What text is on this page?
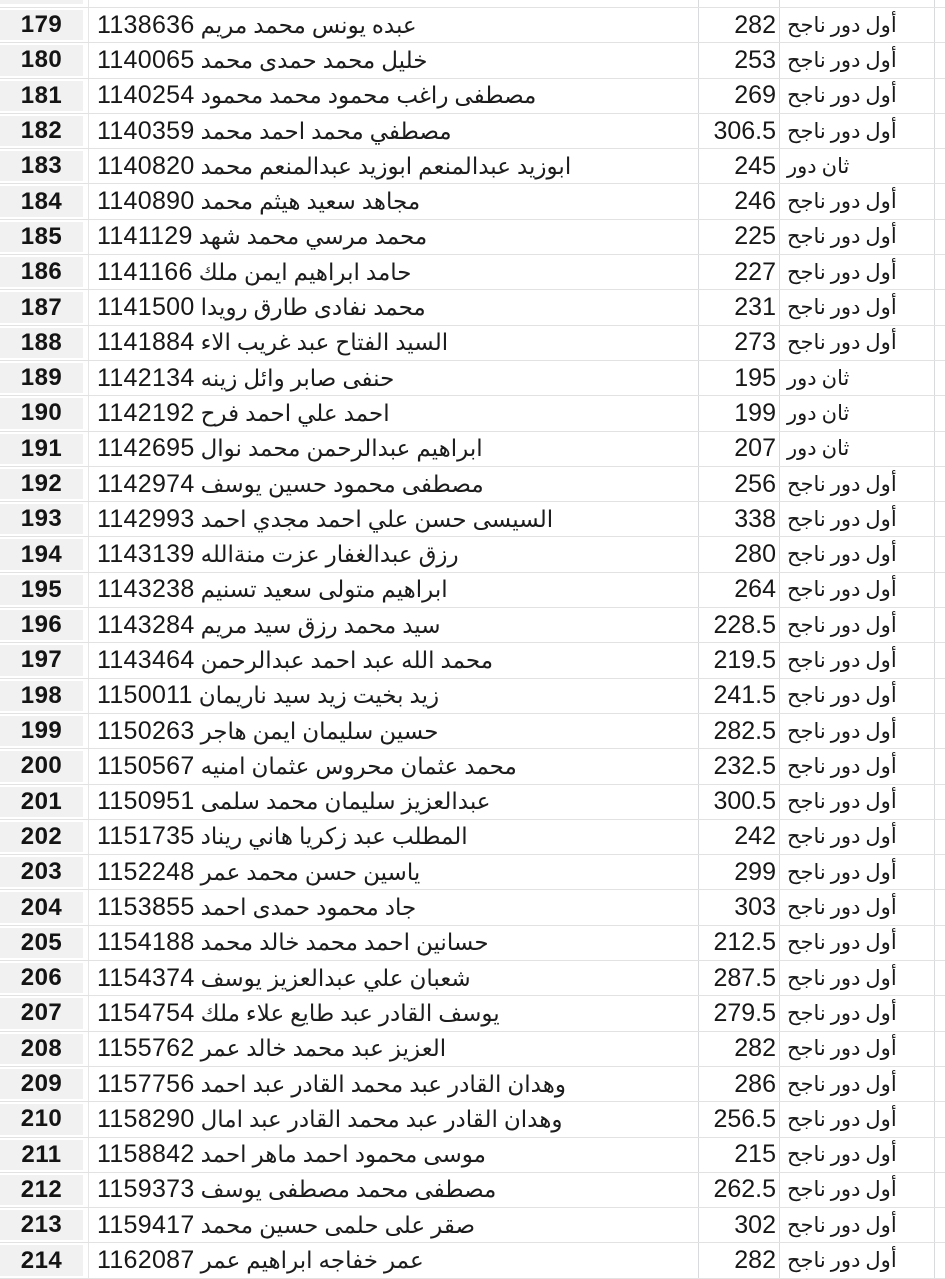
179	1138636 مريم محمد يونس عبده	282 ناجح دور أول
180	1140065 محمد حمدى محمد خليل	253 ناجح دور أول
181	1140254 محمود محمد محمود راغب مصطفى	269 ناجح دور أول
182	1140359 محمد احمد محمد مصطفي	306.5 ناجح دور أول
183	1140820 محمد عبدالمنعم ابوزيد عبدالمنعم ابوزيد	245 دور ثان
184	1140890 محمد هيثم سعيد مجاهد	246 ناجح دور أول
185	1141129 شهد محمد مرسي محمد	225 ناجح دور أول
186	1141166 ملك ايمن ابراهيم حامد	227 ناجح دور أول
187	1141500 رويدا طارق نفادى محمد	231 ناجح دور أول
188	1141884 الاء غريب عبد الفتاح السيد	273 ناجح دور أول
189	1142134 زينه وائل صابر حنفى	195 دور ثان
190	1142192 فرح احمد علي احمد	199 دور ثان
191	1142695 نوال محمد عبدالرحمن ابراهيم	207 دور ثان
192	1142974 يوسف حسين محمود مصطفى	256 ناجح دور أول
193	1142993 احمد مجدي احمد علي حسن السيسى	338 ناجح دور أول
194	1143139 منةالله عزت عبدالغفار رزق	280 ناجح دور أول
195	1143238 تسنيم سعيد متولى ابراهيم	264 ناجح دور أول
196	1143284 مريم سيد رزق محمد سيد	228.5 ناجح دور أول
197	1143464 عبدالرحمن احمد عبد الله محمد	219.5 ناجح دور أول
198	1150011 ناريمان سيد زيد بخيت زيد	241.5 ناجح دور أول
199	1150263 هاجر ايمن سليمان حسين	282.5 ناجح دور أول
200	1150567 امنيه عثمان محروس عثمان محمد	232.5 ناجح دور أول
201	1150951 سلمى محمد سليمان عبدالعزيز	300.5 ناجح دور أول
202	1151735 ريناد هاني زكريا عبد المطلب	242 ناجح دور أول
203	1152248 عمر محمد حسن ياسين	299 ناجح دور أول
204	1153855 احمد حمدى محمود جاد	303 ناجح دور أول
205	1154188 محمد خالد محمد احمد حسانين	212.5 ناجح دور أول
206	1154374 يوسف عبدالعزيز علي شعبان	287.5 ناجح دور أول
207	1154754 ملك علاء طايع عبد القادر يوسف	279.5 ناجح دور أول
208	1155762 عمر خالد محمد عبد العزيز	282 ناجح دور أول
209	1157756 احمد عبد القادر محمد عبد القادر وهدان	286 ناجح دور أول
210	1158290 امال عبد القادر محمد عبد القادر وهدان	256.5 ناجح دور أول
211	1158842 احمد ماهر احمد محمود موسى	215 ناجح دور أول
212	1159373 يوسف مصطفى محمد مصطفى	262.5 ناجح دور أول
213	1159417 محمد حسين حلمى على صقر	302 ناجح دور أول
214	1162087 عمر ابراهيم خفاجه عمر	282 ناجح دور أول
